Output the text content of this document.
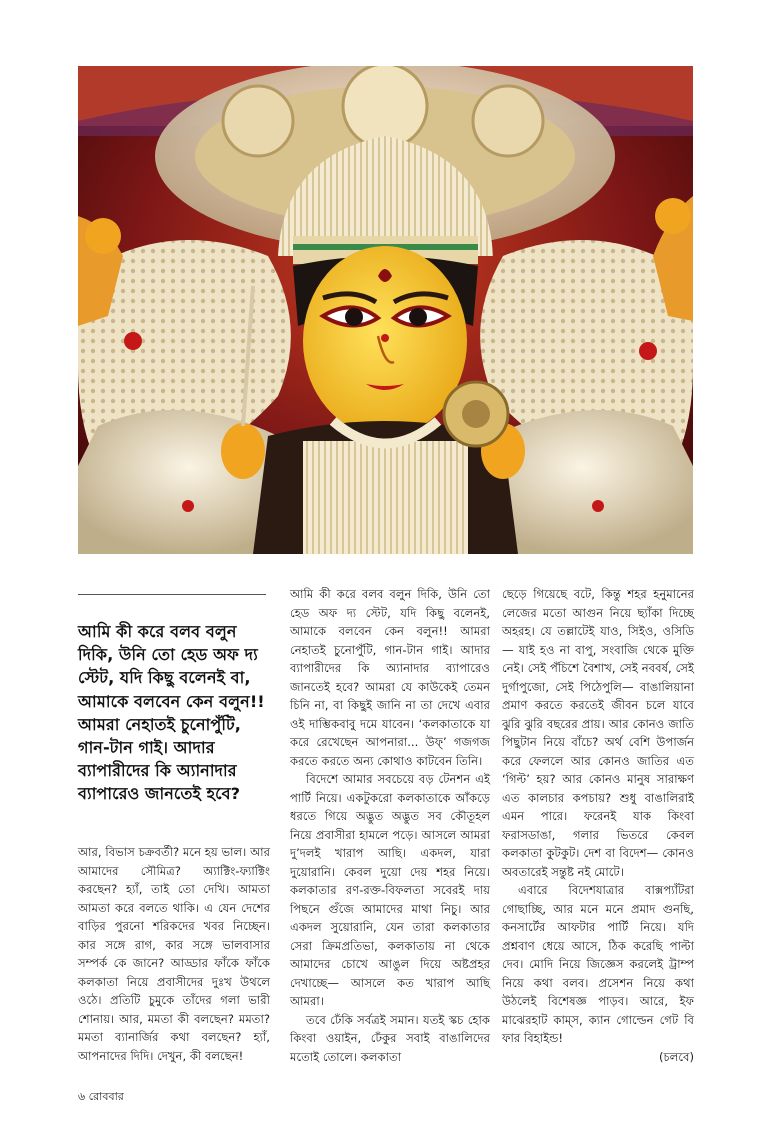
আমি কী করে বলব বলুন দিকি, উনি তো হেড অফ দ্য স্টেট, যদি কিছু বলেনই বা, আমাকে বলবেন কেন বলুন!! আমরা নেহাতই চুনোপুঁটি, গান-টান গাই। আদার ব্যাপারীদের কি অ্যানাদার ব্যাপারেও জানতেই হবে?

আর, বিভাস চক্রবর্তী? মনে হয় ভাল। আর আমাদের সৌমিত্র? অ্যাক্টিং-ফ্যাক্টিং করছেন? হ্যাঁ, তাই তো দেখি। আমতা আমতা করে বলতে থাকি। এ যেন দেশের বাড়ির পুরনো শরিকদের খবর নিচ্ছেন। কার সঙ্গে রাগ, কার সঙ্গে ভালবাসার সম্পর্ক কে জানে? আড্ডার ফাঁকে ফাঁকে কলকাতা নিয়ে প্রবাসীদের দুঃখ উথলে ওঠে। প্রতিটি চুমুকে তাঁদের গলা ভারী শোনায়। আর, মমতা কী বলছেন? মমতা? মমতা ব্যানার্জির কথা বলছেন? হ্যাঁ, আপনাদের দিদি। দেখুন, কী বলছেন!

আমি কী করে বলব বলুন দিকি, উনি তো হেড অফ দ্য স্টেট, যদি কিছু বলেনই, আমাকে বলবেন কেন বলুন!! আমরা নেহাতই চুনোপুঁটি, গান-টান গাই। আদার ব্যাপারীদের কি অ্যানাদার ব্যাপারেও জানতেই হবে? আমরা যে কাউকেই তেমন চিনি না, বা কিছুই জানি না তা দেখে এবার ওই দাম্ভিকবাবু দমে যাবেন। ‘কলকাতাকে যা করে রেখেছেন আপনারা... উফ্’ গজগজ করতে করতে অন্য কোথাও কাটবেন তিনি।

বিদেশে আমার সবচেয়ে বড় টেনশন এই পার্টি নিয়ে। একটুকরো কলকাতাকে আঁকড়ে ধরতে গিয়ে অদ্ভুত অদ্ভুত সব কৌতূহল নিয়ে প্রবাসীরা হামলে পড়ে। আসলে আমরা দু’দলই খারাপ আছি। একদল, যারা দুয়োরানি। কেবল দুয়ো দেয় শহর নিয়ে। কলকাতার রণ-রক্ত-বিফলতা সবেরই দায় পিছনে গুঁজে আমাদের মাথা নিচু। আর একদল সুয়োরানি, যেন তারা কলকাতার সেরা ক্রিমপ্রতিভা, কলকাতায় না থেকে আমাদের চোখে আঙুল দিয়ে অষ্টপ্রহর দেখাচ্ছে— আসলে কত খারাপ আছি আমরা।

তবে ঢেঁকি সর্বত্রই সমান। যতই স্কচ হোক কিংবা ওয়াইন, ঢেঁকুর সবাই বাঙালিদের মতোই তোলে। কলকাতা

ছেড়ে গিয়েছে বটে, কিন্তু শহর হনুমানের লেজের মতো আগুন নিয়ে ছ্যাঁকা দিচ্ছে অহরহ। যে তল্লাটেই যাও, সিইও, ওসিডি— যাই হও না বাপু, সংবাজি থেকে মুক্তি নেই। সেই পঁচিশে বৈশাখ, সেই নববর্ষ, সেই দুর্গাপুজো, সেই পিঠেপুলি— বাঙালিয়ানা প্রমাণ করতে করতেই জীবন চলে যাবে ঝুরি ঝুরি বছরের প্রায়। আর কোনও জাতি পিছুটান নিয়ে বাঁচে? অর্থ বেশি উপার্জন করে ফেললে আর কোনও জাতির এত ‘গিল্ট’ হয়? আর কোনও মানুষ সারাক্ষণ এত কালচার কপচায়? শুধু বাঙালিরাই এমন পারে। ফরেনই যাক কিংবা ফরাসডাঙা, গলার ভিতরে কেবল কলকাতা কুটকুট। দেশ বা বিদেশ— কোনও অবতারেই সন্তুষ্ট নই মোটে।

এবারে বিদেশযাত্রার বাক্সপ্যাঁটরা গোছাচ্ছি, আর মনে মনে প্রমাদ গুনছি, কনসার্টের আফটার পার্টি নিয়ে। যদি প্রশ্নবাণ ধেয়ে আসে, ঠিক করেছি পাল্টা দেব। মোদি নিয়ে জিজ্ঞেস করলেই ট্রাম্প নিয়ে কথা বলব। প্রসেশন নিয়ে কথা উঠলেই বিশেষজ্ঞ পাড়ব। আরে, ইফ মাঝেরহাট কাম্স, ক্যান গোল্ডেন গেট বি ফার বিহাইন্ড!

(চলবে)

৬ রোববার
